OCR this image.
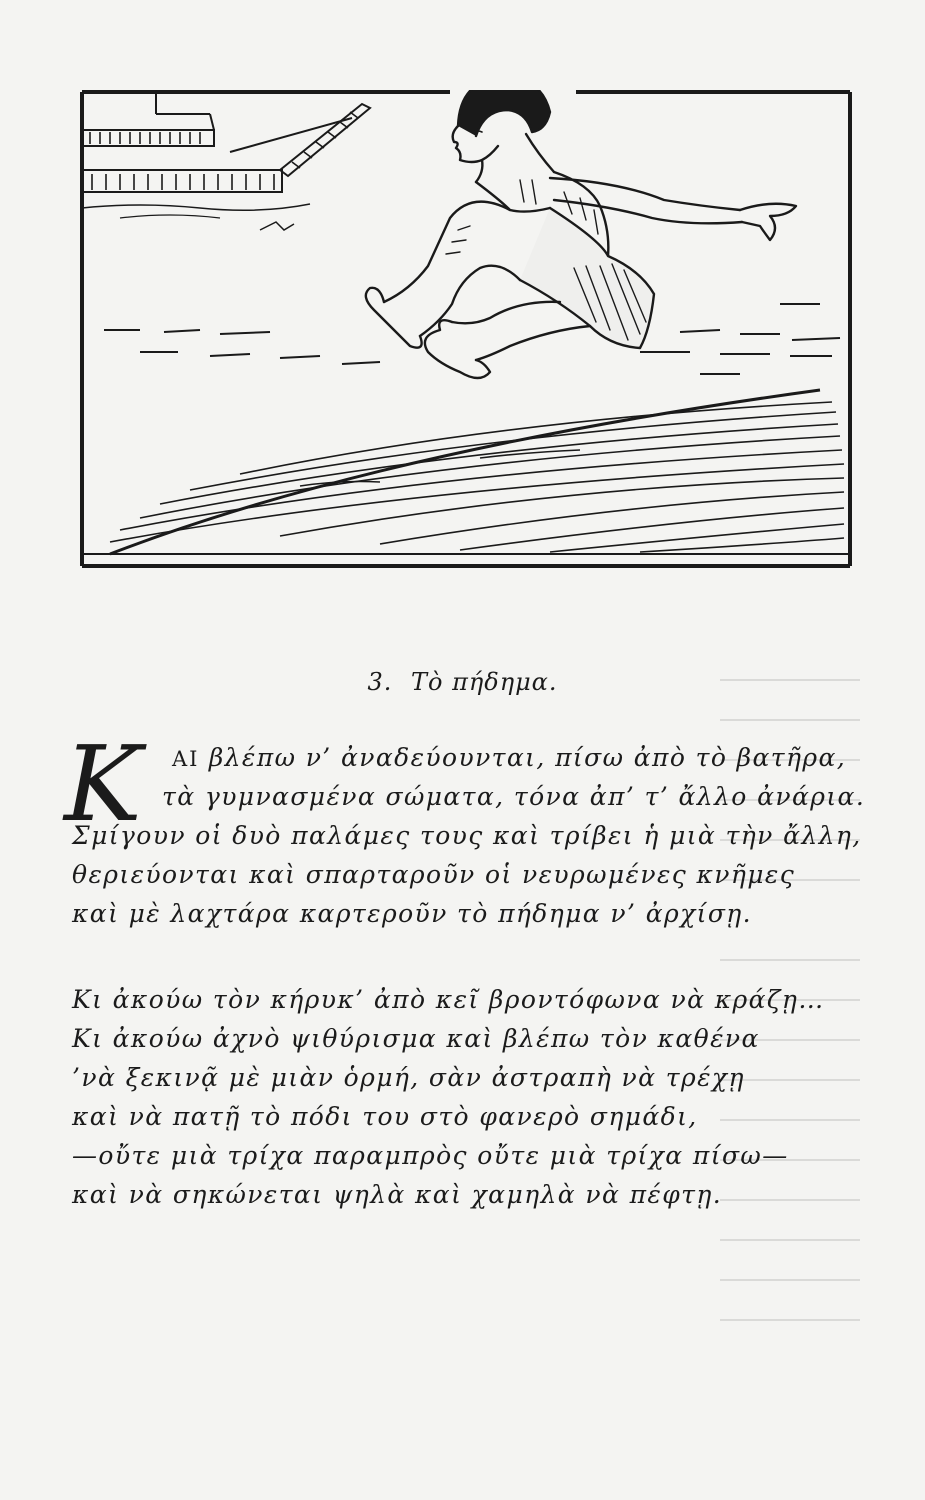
3. Τὸ πήδημα.
Κ ΑΙ βλέπω ν’ ἀναδεύουνται, πίσω ἀπὸ τὸ βατῆρα,
τὰ γυμνασμένα σώματα, τόνα ἀπ’ τ’ ἄλλο ἀνάρια.
Σμίγουν οἱ δυὸ παλάμες τους καὶ τρίβει ἡ μιὰ τὴν ἄλλη,
θεριεύονται καὶ σπαρταροῦν οἱ νευρωμένες κνῆμες
καὶ μὲ λαχτάρα καρτεροῦν τὸ πήδημα ν’ ἀρχίσῃ.
Κι ἀκούω τὸν κήρυκ’ ἀπὸ κεῖ βροντόφωνα νὰ κράζῃ…
Κι ἀκούω ἀχνὸ ψιθύρισμα καὶ βλέπω τὸν καθένα
’νὰ ξεκινᾷ μὲ μιὰν ὁρμή, σὰν ἀστραπὴ νὰ τρέχῃ
καὶ νὰ πατῇ τὸ πόδι του στὸ φανερὸ σημάδι,
—οὔτε μιὰ τρίχα παραμπρὸς οὔτε μιὰ τρίχα πίσω—
καὶ νὰ σηκώνεται ψηλὰ καὶ χαμηλὰ νὰ πέφτῃ.
